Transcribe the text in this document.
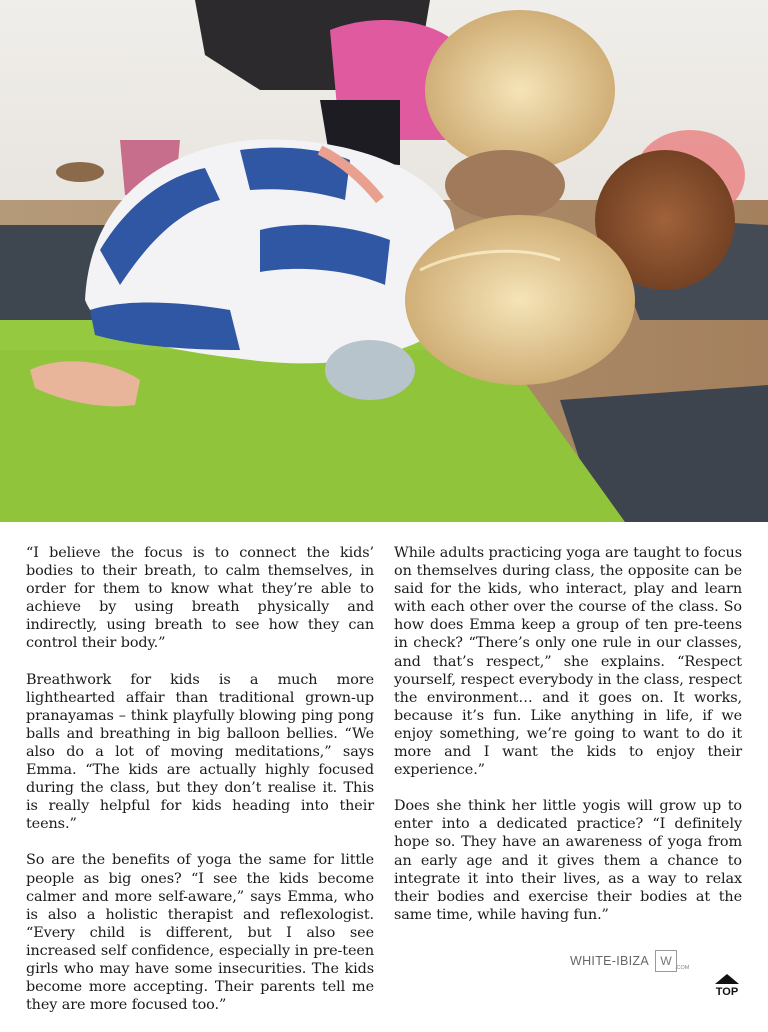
“I believe the focus is to connect the kids’ bodies to their breath, to calm themselves, in order for them to know what they’re able to achieve by using breath physically and indirectly, using breath to see how they can control their body.”

Breathwork for kids is a much more lighthearted affair than traditional grown-up pranayamas – think playfully blowing ping pong balls and breathing in big balloon bellies. “We also do a lot of moving meditations,” says Emma. “The kids are actually highly focused during the class, but they don’t realise it. This is really helpful for kids heading into their teens.”

So are the benefits of yoga the same for little people as big ones? “I see the kids become calmer and more self-aware,” says Emma, who is also a holistic therapist and reflexologist. “Every child is different, but I also see increased self confidence, especially in pre-teen girls who may have some insecurities. The kids become more accepting. Their parents tell me they are more focused too.”

While adults practicing yoga are taught to focus on themselves during class, the opposite can be said for the kids, who interact, play and learn with each other over the course of the class. So how does Emma keep a group of ten pre-teens in check? “There’s only one rule in our classes, and that’s respect,” she explains. “Respect yourself, respect everybody in the class, respect the environment… and it goes on. It works, because it’s fun. Like anything in life, if we enjoy something, we’re going to want to do it more and I want the kids to enjoy their experience.”

Does she think her little yogis will grow up to enter into a dedicated practice? “I definitely hope so. They have an awareness of yoga from an early age and it gives them a chance to integrate it into their lives, as a way to relax their bodies and exercise their bodies at the same time, while having fun.”

WHITE-IBIZA	.COM
W
TOP
